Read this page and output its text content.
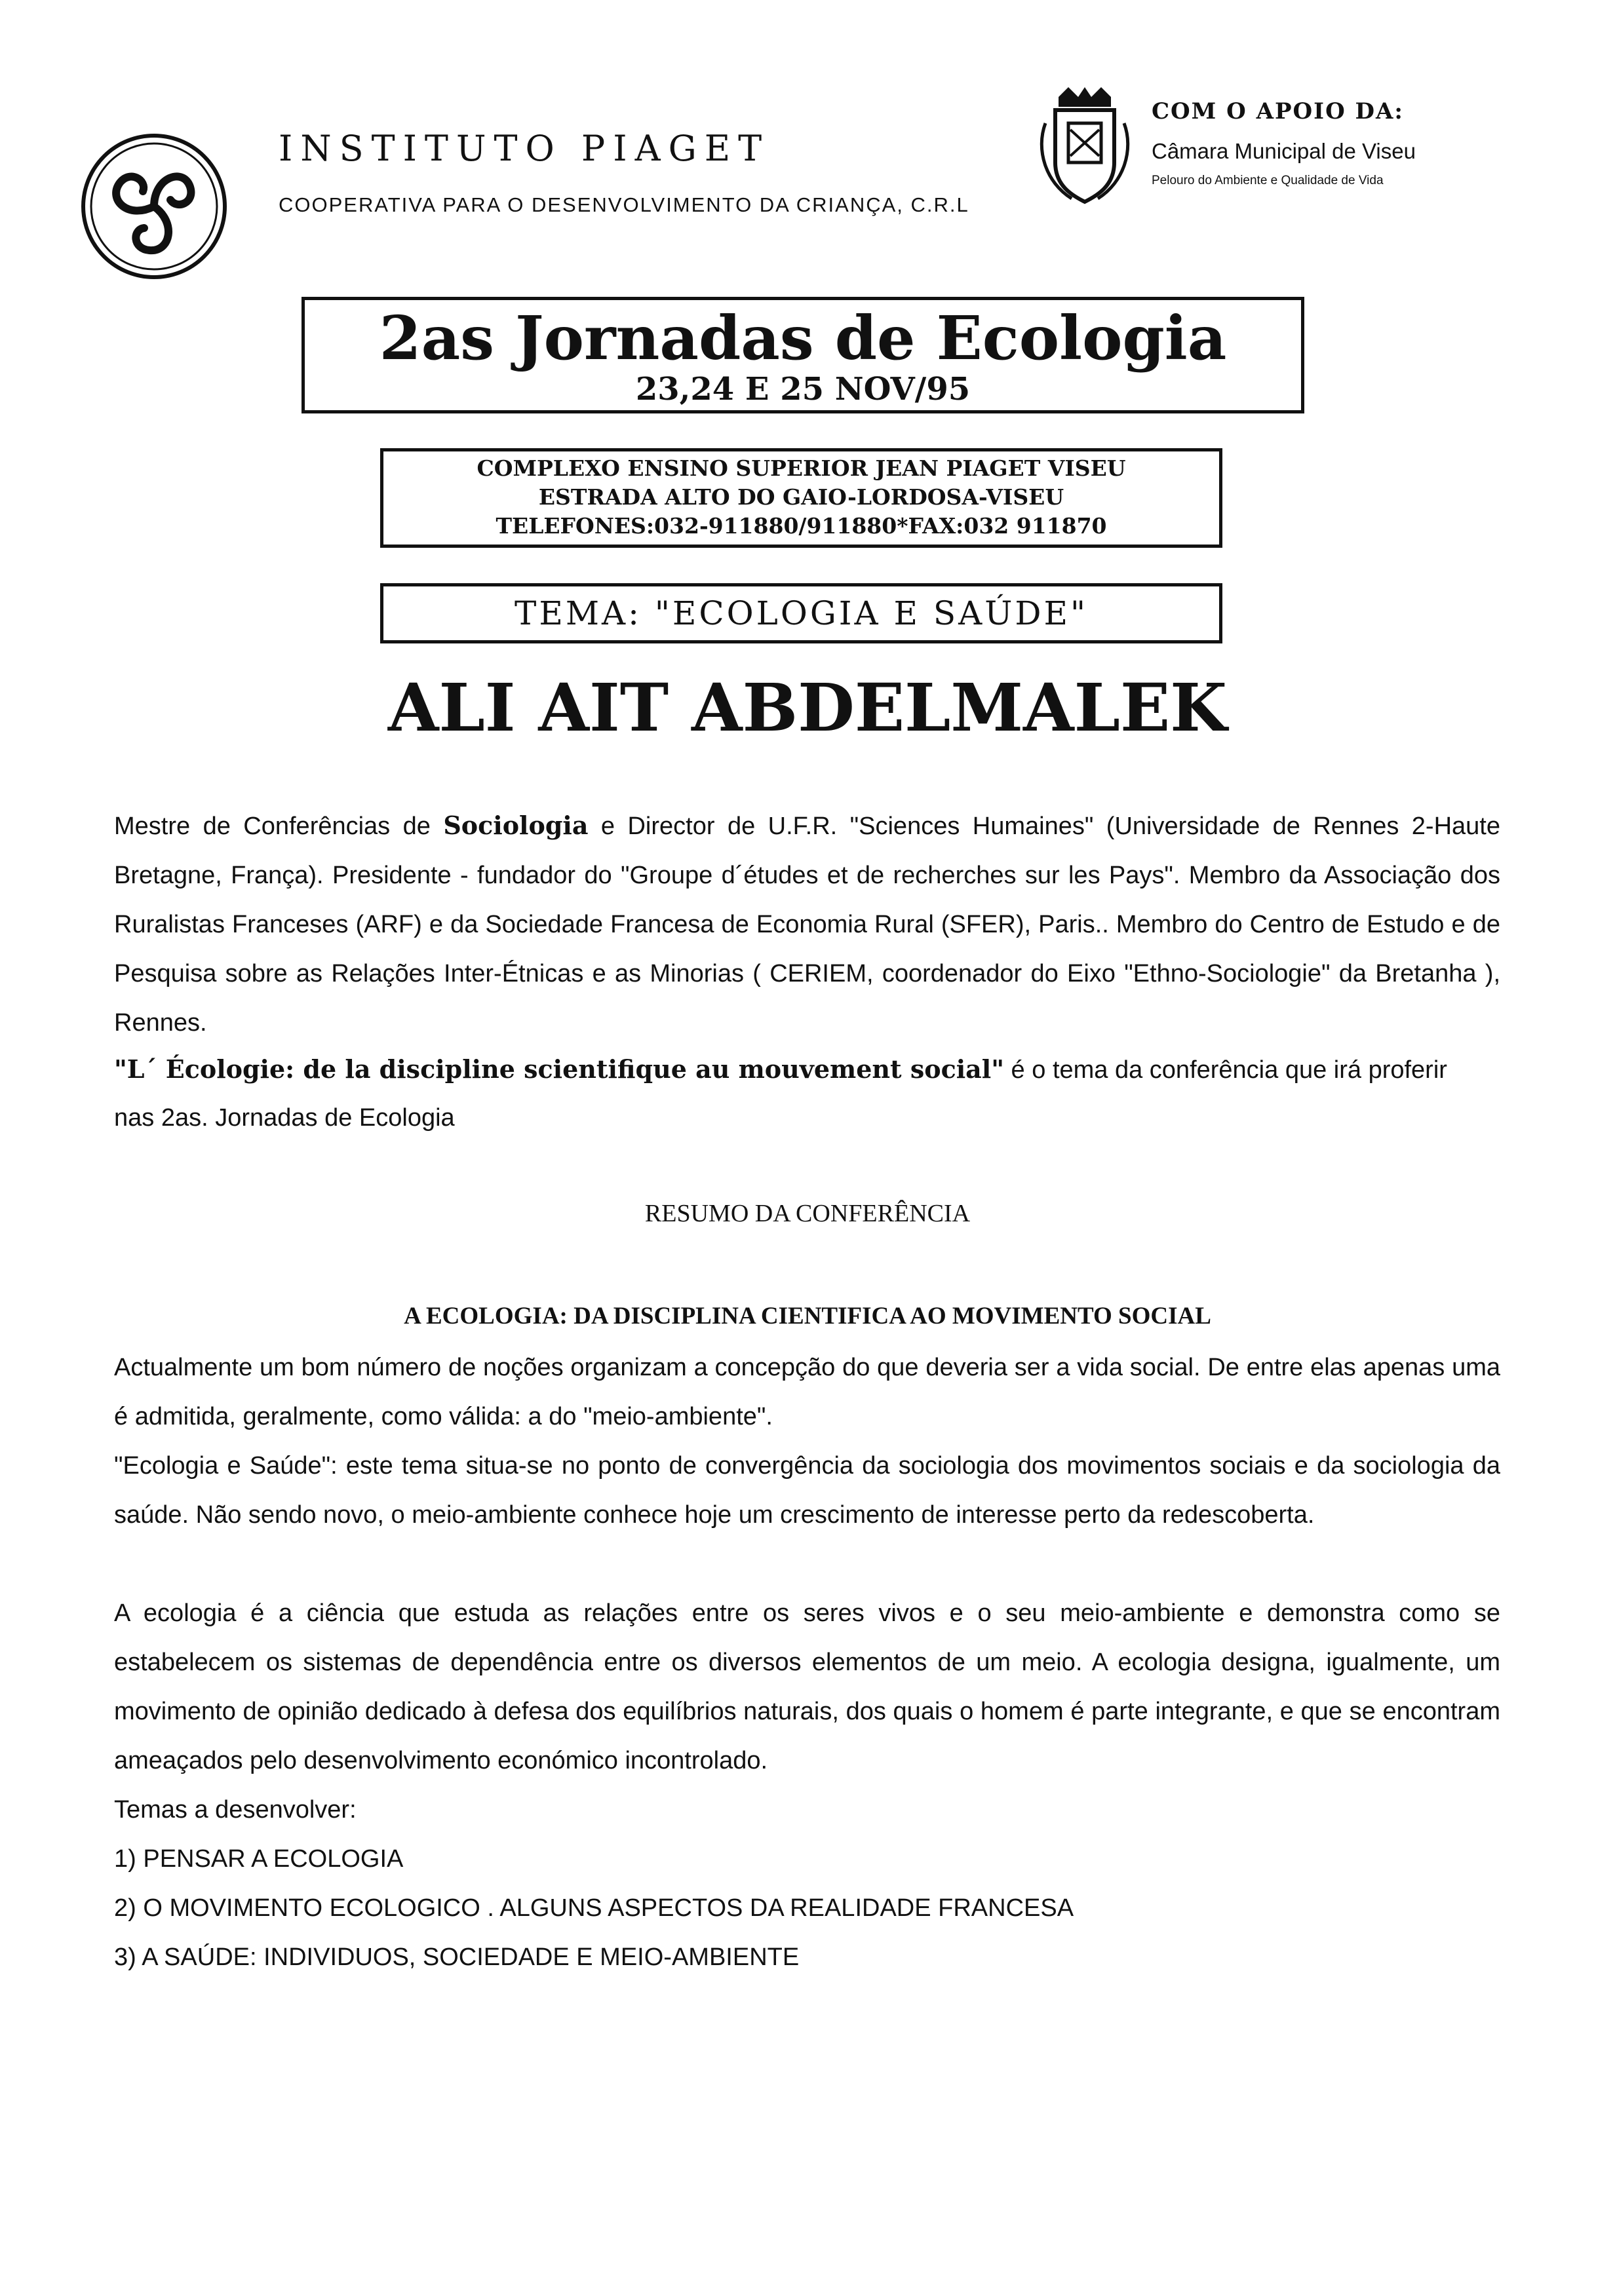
INSTITUTO PIAGET
COOPERATIVA PARA O DESENVOLVIMENTO DA CRIANÇA, C.R.L
COM O APOIO DA:
Câmara Municipal de Viseu
Pelouro do Ambiente e Qualidade de Vida
2as Jornadas de Ecologia
23,24 E 25 NOV/95
COMPLEXO ENSINO SUPERIOR JEAN PIAGET VISEU
ESTRADA ALTO DO GAIO-LORDOSA-VISEU
TELEFONES:032-911880/911880*FAX:032 911870
TEMA: "ECOLOGIA E SAÚDE"
ALI AIT ABDELMALEK

Mestre de Conferências de Sociologia e Director de U.F.R. "Sciences Humaines" (Universidade de Rennes 2-Haute Bretagne, França). Presidente - fundador do "Groupe d´études et de recherches sur les Pays". Membro da Associação dos Ruralistas Franceses (ARF) e da Sociedade Francesa de Economia Rural (SFER), Paris.. Membro do Centro de Estudo e de Pesquisa sobre as Relações Inter-Étnicas e as Minorias ( CERIEM, coordenador do Eixo "Ethno-Sociologie" da Bretanha ), Rennes.

"L´ Écologie: de la discipline scientifique au mouvement social" é o tema da conferência que irá proferir

nas 2as. Jornadas de Ecologia

RESUMO DA CONFERÊNCIA
A ECOLOGIA: DA DISCIPLINA CIENTIFICA AO MOVIMENTO SOCIAL

Actualmente um bom número de noções organizam a concepção do que deveria ser a vida social. De entre elas apenas uma é admitida, geralmente, como válida: a do "meio-ambiente".

"Ecologia e Saúde": este tema situa-se no ponto de convergência da sociologia dos movimentos sociais e da sociologia da saúde. Não sendo novo, o meio-ambiente conhece hoje um crescimento de interesse perto da redescoberta.

A ecologia é a ciência que estuda as relações entre os seres vivos e o seu meio-ambiente e demonstra como se estabelecem os sistemas de dependência entre os diversos elementos de um meio. A ecologia designa, igualmente, um movimento de opinião dedicado à defesa dos equilíbrios naturais, dos quais o homem é parte integrante, e que se encontram ameaçados pelo desenvolvimento económico incontrolado.

Temas a desenvolver:

1) PENSAR A ECOLOGIA
2) O MOVIMENTO ECOLOGICO . ALGUNS ASPECTOS DA REALIDADE FRANCESA
3) A SAÚDE: INDIVIDUOS, SOCIEDADE E MEIO-AMBIENTE
